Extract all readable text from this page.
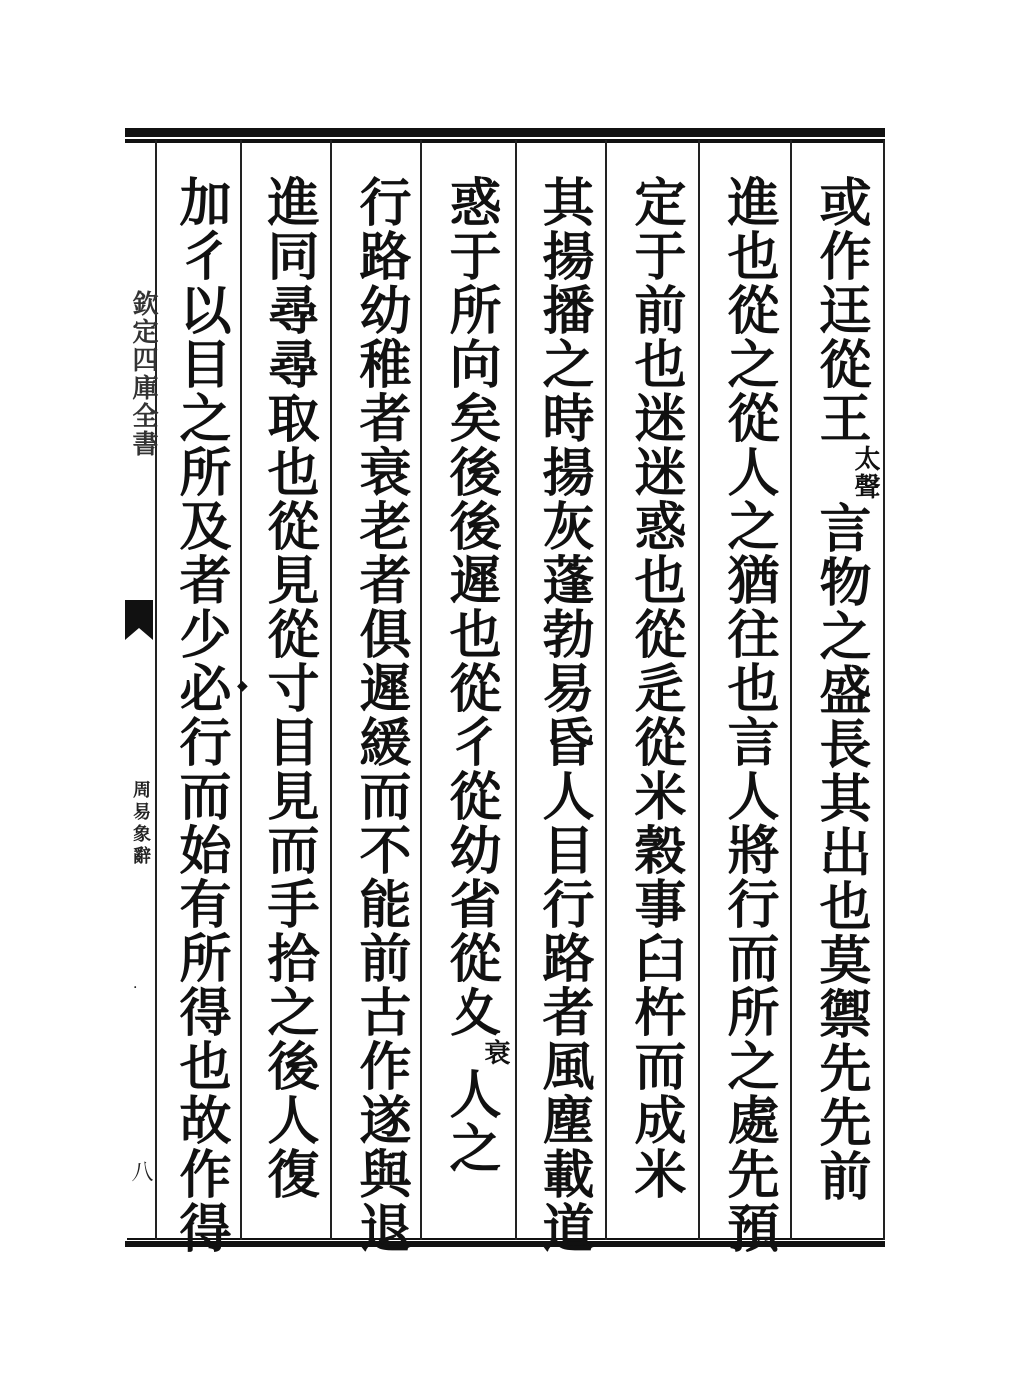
欽定四庫全書
周易象辭
·
八
或作迋從王太聲言物之盛長其出也莫禦先先前
進也從之從人之猶往也言人將行而所之處先預
定于前也迷迷惑也從辵從米穀事臼杵而成米
其揚播之時揚灰蓬勃易昏人目行路者風塵載道
惑于所向矣後後遲也從彳從幼省從夊衰人之
行路幼稚者衰老者俱遲緩而不能前古作遂與退
進同尋尋取也從見從寸目見而手拾之後人復
加彳以目之所及者少必行而始有所得也故作得 ◆
